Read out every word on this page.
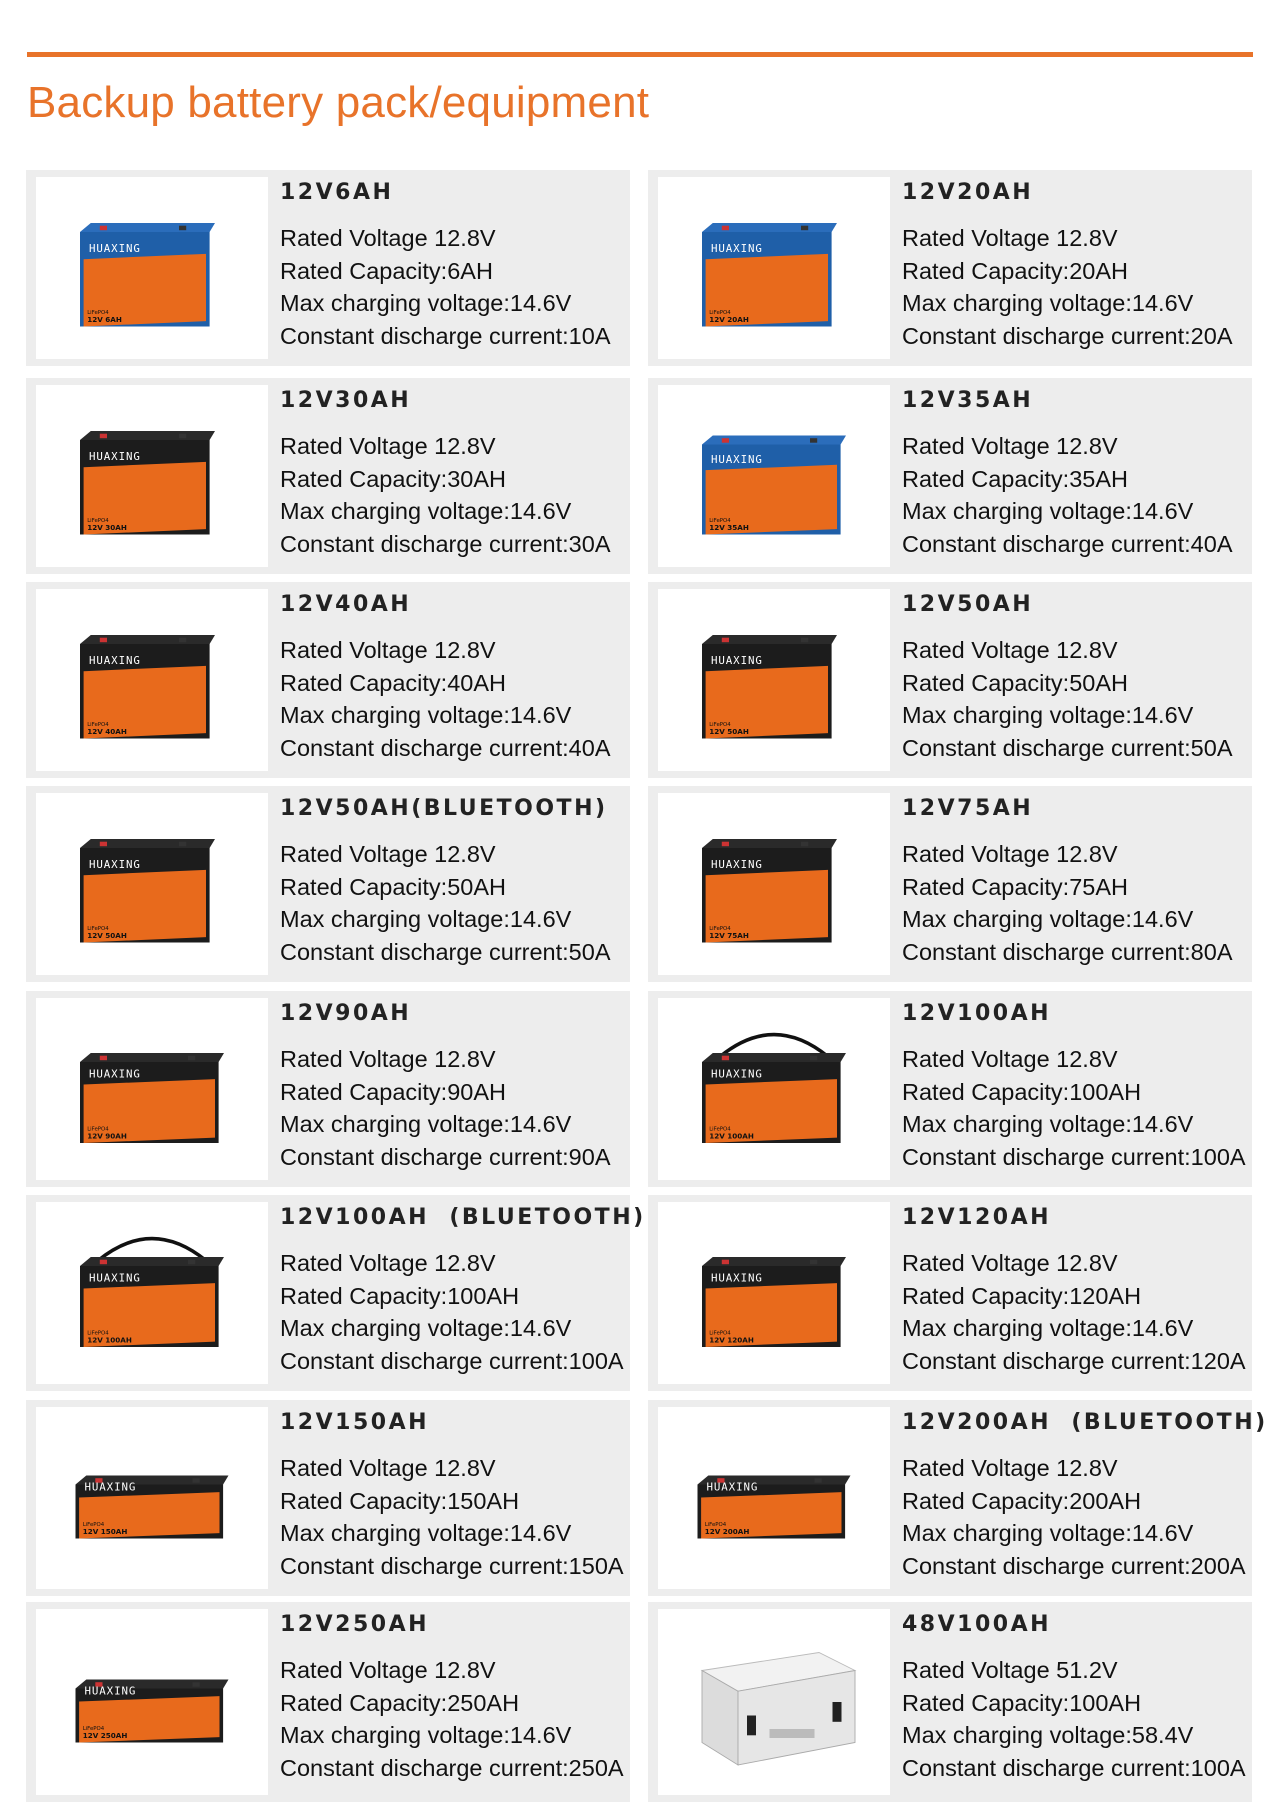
Backup battery pack/equipment
HUAXING
LiFePO4
12V 6AH
12V6AH
Rated Voltage 12.8V
Rated Capacity:6AH
Max charging voltage:14.6V
Constant discharge current:10A
HUAXING
LiFePO4
12V 20AH
12V20AH
Rated Voltage 12.8V
Rated Capacity:20AH
Max charging voltage:14.6V
Constant discharge current:20A
HUAXING
LiFePO4
12V 30AH
12V30AH
Rated Voltage 12.8V
Rated Capacity:30AH
Max charging voltage:14.6V
Constant discharge current:30A
HUAXING
LiFePO4
12V 35AH
12V35AH
Rated Voltage 12.8V
Rated Capacity:35AH
Max charging voltage:14.6V
Constant discharge current:40A
HUAXING
LiFePO4
12V 40AH
12V40AH
Rated Voltage 12.8V
Rated Capacity:40AH
Max charging voltage:14.6V
Constant discharge current:40A
HUAXING
LiFePO4
12V 50AH
12V50AH
Rated Voltage 12.8V
Rated Capacity:50AH
Max charging voltage:14.6V
Constant discharge current:50A
HUAXING
LiFePO4
12V 50AH
12V50AH(BLUETOOTH)
Rated Voltage 12.8V
Rated Capacity:50AH
Max charging voltage:14.6V
Constant discharge current:50A
HUAXING
LiFePO4
12V 75AH
12V75AH
Rated Voltage 12.8V
Rated Capacity:75AH
Max charging voltage:14.6V
Constant discharge current:80A
HUAXING
LiFePO4
12V 90AH
12V90AH
Rated Voltage 12.8V
Rated Capacity:90AH
Max charging voltage:14.6V
Constant discharge current:90A
HUAXING
LiFePO4
12V 100AH
12V100AH
Rated Voltage 12.8V
Rated Capacity:100AH
Max charging voltage:14.6V
Constant discharge current:100A
HUAXING
LiFePO4
12V 100AH
12V100AH  (BLUETOOTH)
Rated Voltage 12.8V
Rated Capacity:100AH
Max charging voltage:14.6V
Constant discharge current:100A
HUAXING
LiFePO4
12V 120AH
12V120AH
Rated Voltage 12.8V
Rated Capacity:120AH
Max charging voltage:14.6V
Constant discharge current:120A
HUAXING
LiFePO4
12V 150AH
12V150AH
Rated Voltage 12.8V
Rated Capacity:150AH
Max charging voltage:14.6V
Constant discharge current:150A
HUAXING
LiFePO4
12V 200AH
12V200AH  (BLUETOOTH)
Rated Voltage 12.8V
Rated Capacity:200AH
Max charging voltage:14.6V
Constant discharge current:200A
HUAXING
LiFePO4
12V 250AH
12V250AH
Rated Voltage 12.8V
Rated Capacity:250AH
Max charging voltage:14.6V
Constant discharge current:250A
48V100AH
Rated Voltage 51.2V
Rated Capacity:100AH
Max charging voltage:58.4V
Constant discharge current:100A
